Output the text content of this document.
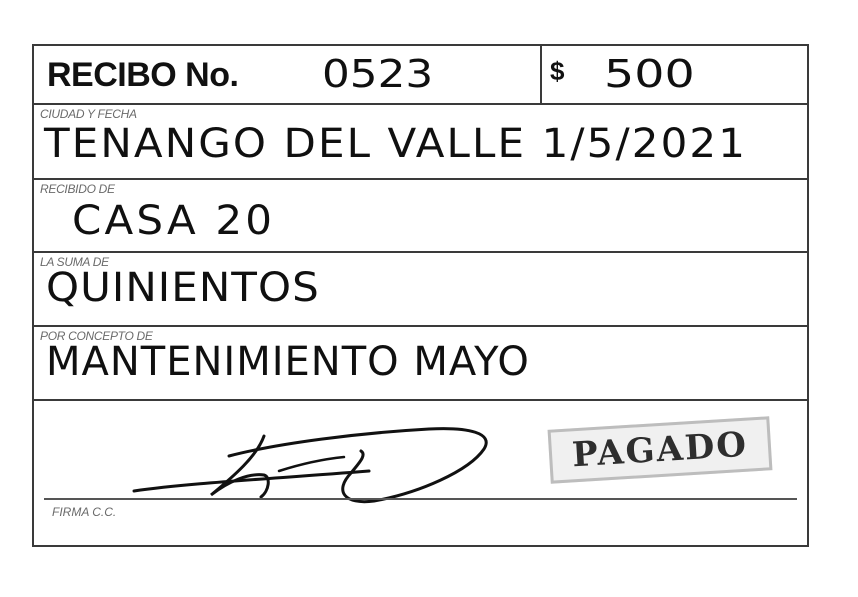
RECIBO No. 0523	$ 500
CIUDAD Y FECHA
TENANGO DEL VALLE 1/5/2021
RECIBIDO DE
CASA 20
LA SUMA DE
QUINIENTOS
POR CONCEPTO DE
MANTENIMIENTO MAYO
FIRMA C.C.
PAGADO
